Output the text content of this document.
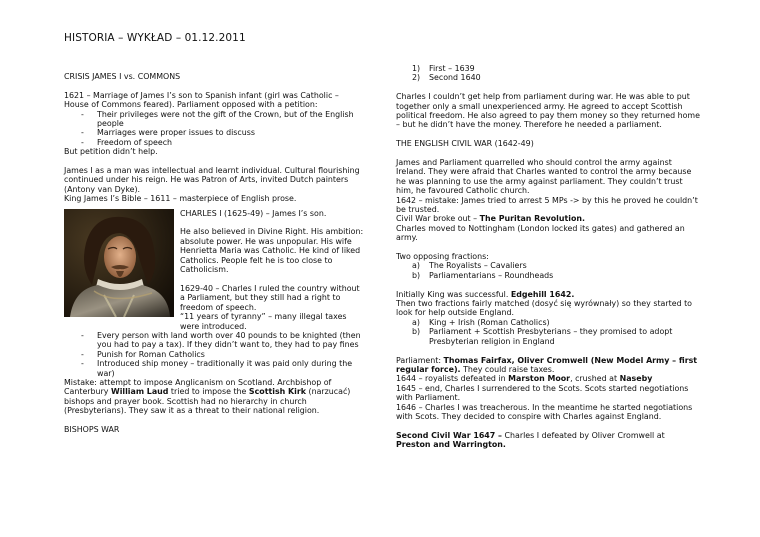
HISTORIA – WYKŁAD – 01.12.2011

CRISIS JAMES I vs. COMMONS

1621 – Marriage of James I’s son to Spanish infant (girl was Catholic – House of Commons feared). Parliament opposed with a petition:

- Their privileges were not the gift of the Crown, but of the English people
- Marriages were proper issues to discuss
- Freedom of speech

But petition didn’t help.

James I as a man was intellectual and learnt individual. Cultural flourishing continued under his reign. He was Patron of Arts, invited Dutch painters (Antony van Dyke).

King James I’s Bible – 1611 – masterpiece of English prose.

CHARLES I (1625-49) – James I’s son.

He also believed in Divine Right. His ambition: absolute power. He was unpopular. His wife Henrietta Maria was Catholic. He kind of liked Catholics. People felt he is too close to Catholicism.

1629-40 – Charles I ruled the country without a Parliament, but they still had a right to freedom of speech.

“11 years of tyranny” – many illegal taxes were introduced.

- Every person with land worth over 40 pounds to be knighted (then you had to pay a tax). If they didn’t want to, they had to pay fines
- Punish for Roman Catholics
- Introduced ship money – traditionally it was paid only during the war)

Mistake: attempt to impose Anglicanism on Scotland. Archbishop of Canterbury William Laud tried to impose the Scottish Kirk (narzucać) bishops and prayer book. Scottish had no hierarchy in church (Presbyterians). They saw it as a threat to their national religion.

BISHOPS WAR

1) First – 1639
2) Second 1640

Charles I couldn’t get help from parliament during war. He was able to put together only a small unexperienced army. He agreed to accept Scottish political freedom. He also agreed to pay them money so they returned home – but he didn’t have the money. Therefore he needed a parliament.

THE ENGLISH CIVIL WAR (1642-49)

James and Parliament quarrelled who should control the army against Ireland. They were afraid that Charles wanted to control the army because he was planning to use the army against parliament. They couldn’t trust him, he favoured Catholic church.

1642 – mistake: James tried to arrest 5 MPs -> by this he proved he couldn’t be trusted.

Civil War broke out – The Puritan Revolution.

Charles moved to Nottingham (London locked its gates) and gathered an army.

Two opposing fractions:

a) The Royalists – Cavaliers
b) Parliamentarians – Roundheads

Initially King was successful. Edgehill 1642.

Then two fractions fairly matched (dosyć się wyrównały) so they started to look for help outside England.

a) King + Irish (Roman Catholics)
b) Parliament + Scottish Presbyterians – they promised to adopt Presbyterian religion in England

Parliament: Thomas Fairfax, Oliver Cromwell (New Model Army – first regular force). They could raise taxes.

1644 – royalists defeated in Marston Moor, crushed at Naseby

1645 – end, Charles I surrendered to the Scots. Scots started negotiations with Parliament.

1646 – Charles I was treacherous. In the meantime he started negotiations with Scots. They decided to conspire with Charles against England.

Second Civil War 1647 – Charles I defeated by Oliver Cromwell at Preston and Warrington.
